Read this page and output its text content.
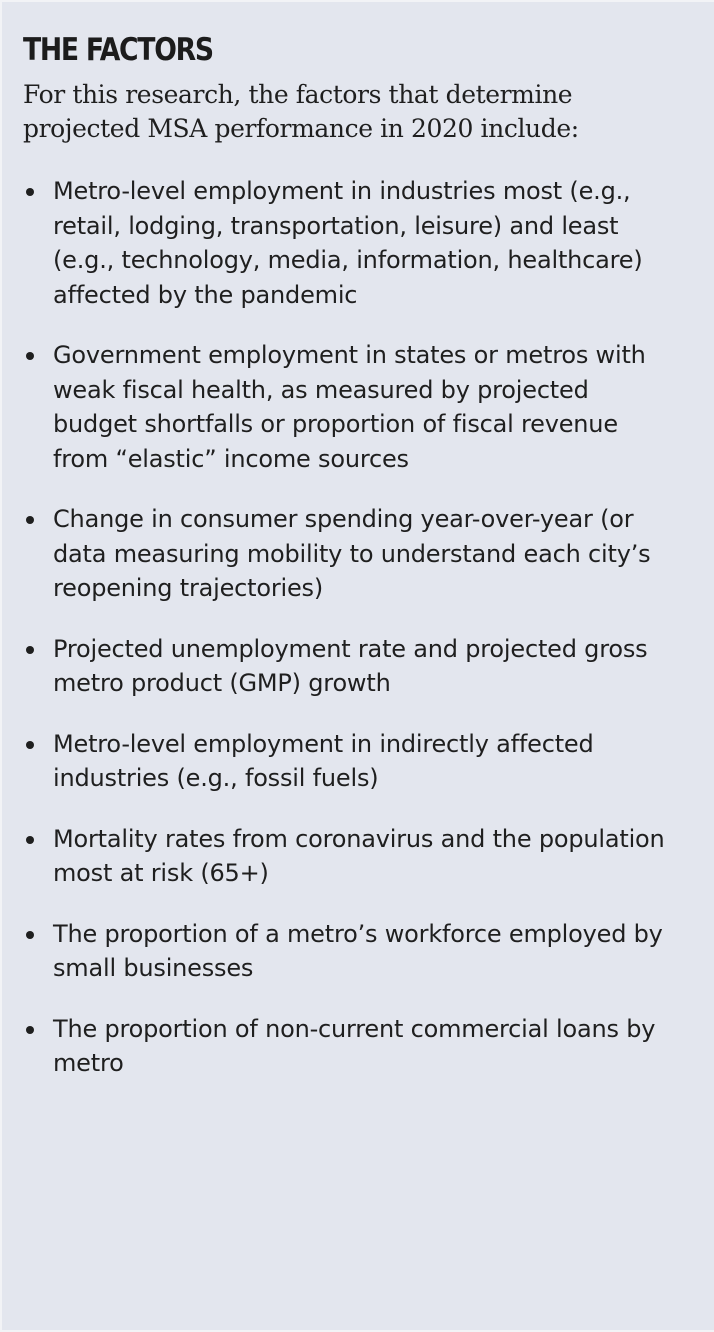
THE FACTORS

For this research, the factors that determine projected MSA performance in 2020 include:

Metro-level employment in industries most (e.g., retail, lodging, transportation, leisure) and least (e.g., technology, media, information, healthcare) affected by the pandemic
Government employment in states or metros with weak fiscal health, as measured by projected budget shortfalls or proportion of fiscal revenue from “elastic” income sources
Change in consumer spending year-over-year (or data measuring mobility to understand each city’s reopening trajectories)
Projected unemployment rate and projected gross metro product (GMP) growth
Metro-level employment in indirectly affected industries (e.g., fossil fuels)
Mortality rates from coronavirus and the population most at risk (65+)
The proportion of a metro’s workforce employed by small businesses
The proportion of non-current commercial loans by metro
